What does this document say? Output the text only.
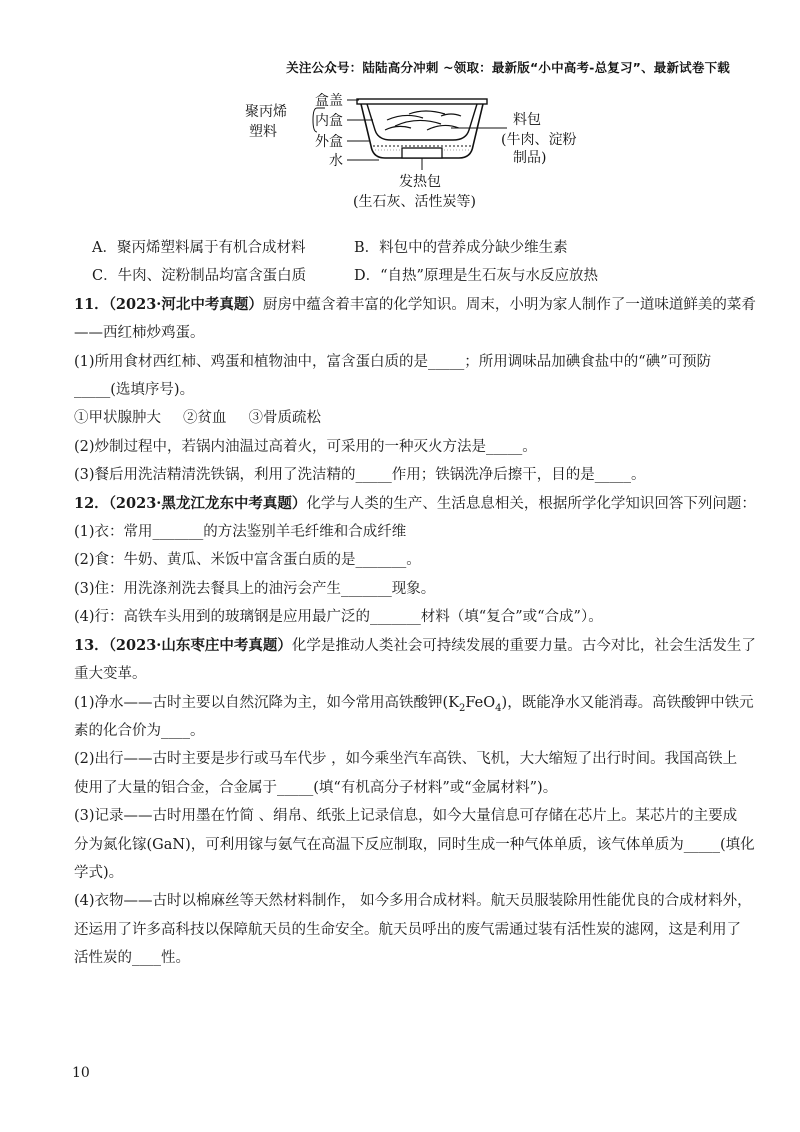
关注公众号：陆陆高分冲刺 ~领取：最新版“小中高考-总复习”、最新试卷下载
聚丙烯
塑料
盒盖
内盒
外盒
水
料包
(牛肉、淀粉
制品)
发热包
(生石灰、活性炭等)

A．聚丙烯塑料属于有机合成材料	B．料包中的营养成分缺少维生素

C．牛肉、淀粉制品均富含蛋白质	D．“自热”原理是生石灰与水反应放热

11．（2023·河北中考真题）厨房中蕴含着丰富的化学知识。周末，小明为家人制作了一道味道鲜美的菜肴

——西红柿炒鸡蛋。

(1)所用食材西红柿、鸡蛋和植物油中，富含蛋白质的是_____；所用调味品加碘食盐中的“碘”可预防

_____(选填序号)。

①甲状腺肿大 ②贫血 ③骨质疏松

(2)炒制过程中，若锅内油温过高着火，可采用的一种灭火方法是_____。

(3)餐后用洗洁精清洗铁锅，利用了洗洁精的_____作用；铁锅洗净后擦干，目的是_____。

12．（2023·黑龙江龙东中考真题）化学与人类的生产、生活息息相关，根据所学化学知识回答下列问题：

(1)衣：常用_______的方法鉴别羊毛纤维和合成纤维

(2)食：牛奶、黄瓜、米饭中富含蛋白质的是_______。

(3)住：用洗涤剂洗去餐具上的油污会产生_______现象。

(4)行：高铁车头用到的玻璃钢是应用最广泛的_______材料（填“复合”或“合成”）。

13．（2023·山东枣庄中考真题）化学是推动人类社会可持续发展的重要力量。古今对比，社会生活发生了

重大变革。

(1)净水——古时主要以自然沉降为主，如今常用高铁酸钾$(K_2FeO_4)$，既能净水又能消毒。高铁酸钾中铁元

素的化合价为____。

(2)出行——古时主要是步行或马车代步 ，如今乘坐汽车高铁、飞机，大大缩短了出行时间。我国高铁上

使用了大量的铝合金，合金属于_____(填“有机高分子材料”或“金属材料”)。

(3)记录——古时用墨在竹简 、绢帛、纸张上记录信息，如今大量信息可存储在芯片上。某芯片的主要成

分为氮化镓(GaN)，可利用镓与氨气在高温下反应制取，同时生成一种气体单质，该气体单质为_____(填化

学式)。

(4)衣物——古时以棉麻丝等天然材料制作， 如今多用合成材料。航天员服装除用性能优良的合成材料外，

还运用了许多高科技以保障航天员的生命安全。航天员呼出的废气需通过装有活性炭的滤网，这是利用了

活性炭的____性。

10
